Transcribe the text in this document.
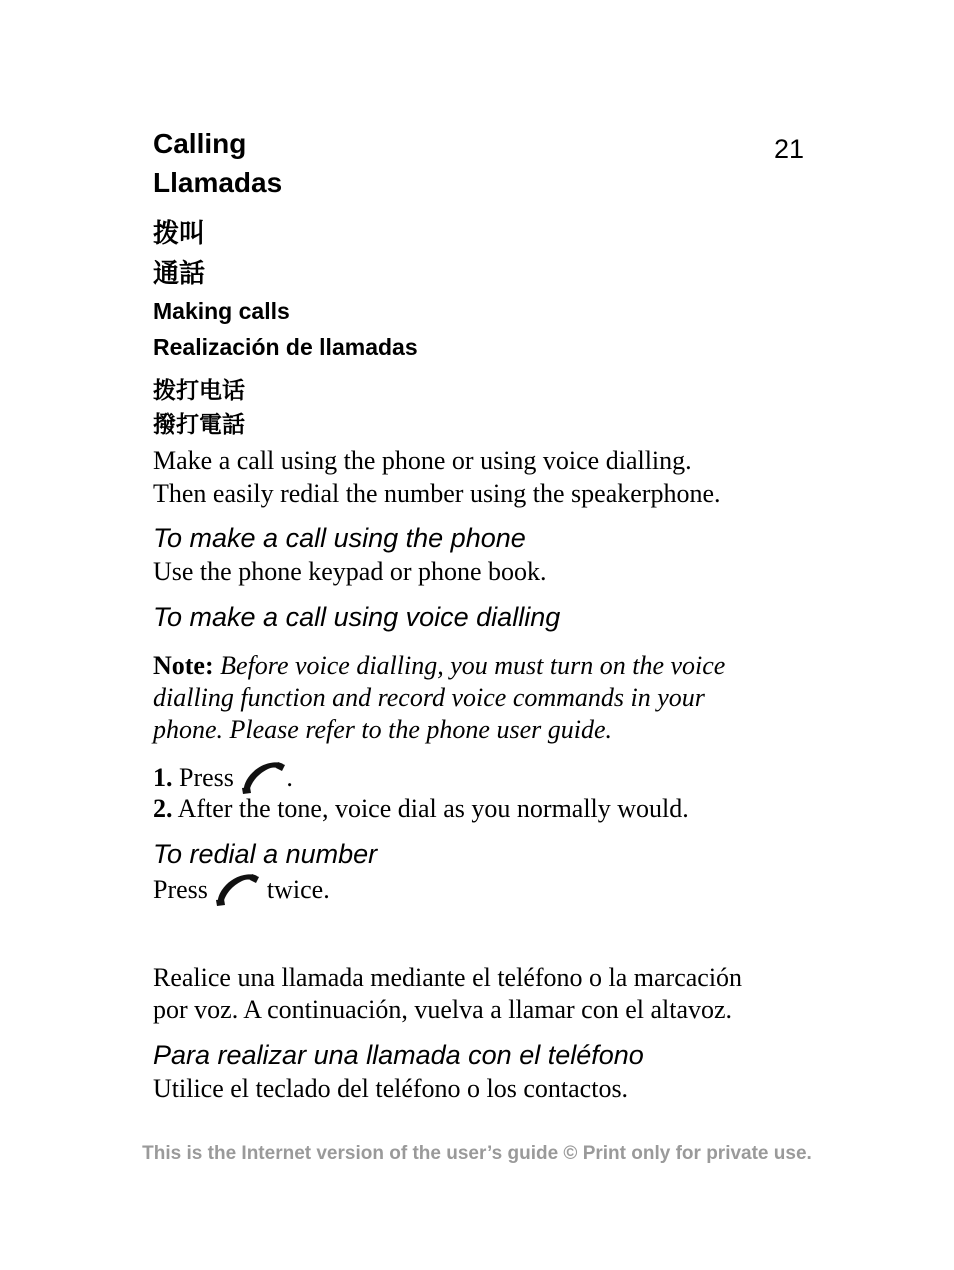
21
Calling
Llamadas
拨叫
通話
Making calls
Realización de llamadas
拨打电话
撥打電話
Make a call using the phone or using voice dialling.
Then easily redial the number using the speakerphone.
To make a call using the phone
Use the phone keypad or phone book.
To make a call using voice dialling
Note: Before voice dialling, you must turn on the voice
dialling function and record voice commands in your
phone. Please refer to the phone user guide.
1. Press .
2. After the tone, voice dial as you normally would.
To redial a number
Press twice.
Realice una llamada mediante el teléfono o la marcación
por voz. A continuación, vuelva a llamar con el altavoz.
Para realizar una llamada con el teléfono
Utilice el teclado del teléfono o los contactos.
This is the Internet version of the user’s guide © Print only for private use.
